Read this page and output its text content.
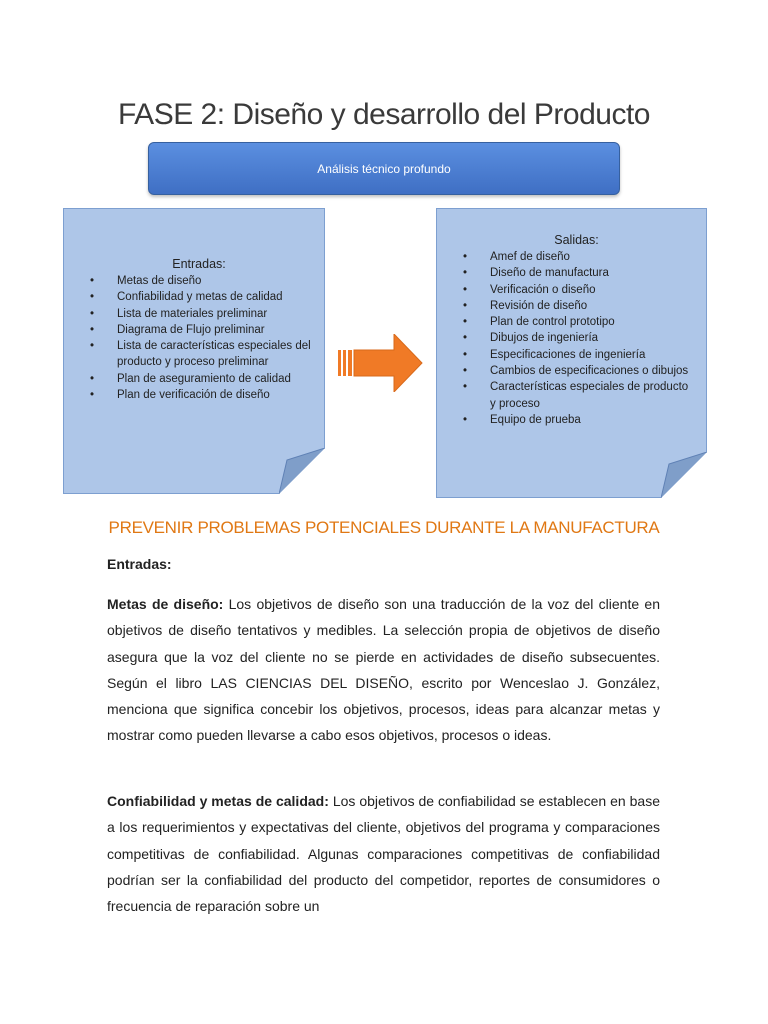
FASE 2: Diseño y desarrollo del Producto
Análisis técnico profundo
Entradas:
• Metas de diseño
• Confiabilidad y metas de calidad
• Lista de materiales preliminar
• Diagrama de Flujo preliminar
• Lista de características especiales del producto y proceso preliminar
• Plan de aseguramiento de calidad
• Plan de verificación de diseño
Salidas:
• Amef de diseño
• Diseño de manufactura
• Verificación o diseño
• Revisión de diseño
• Plan de control prototipo
• Dibujos de ingeniería
• Especificaciones de ingeniería
• Cambios de especificaciones o dibujos
• Características especiales de producto y proceso
• Equipo de prueba
PREVENIR PROBLEMAS POTENCIALES DURANTE LA MANUFACTURA
Entradas:

Metas de diseño: Los objetivos de diseño son una traducción de la voz del cliente en objetivos de diseño tentativos y medibles. La selección propia de objetivos de diseño asegura que la voz del cliente no se pierde en actividades de diseño subsecuentes. Según el libro LAS CIENCIAS DEL DISEÑO, escrito por Wenceslao J. González, menciona que significa concebir los objetivos, procesos, ideas para alcanzar metas y mostrar como pueden llevarse a cabo esos objetivos, procesos o ideas.

Confiabilidad y metas de calidad: Los objetivos de confiabilidad se establecen en base a los requerimientos y expectativas del cliente, objetivos del programa y comparaciones competitivas de confiabilidad. Algunas comparaciones competitivas de confiabilidad podrían ser la confiabilidad del producto del competidor, reportes de consumidores o frecuencia de reparación sobre un
